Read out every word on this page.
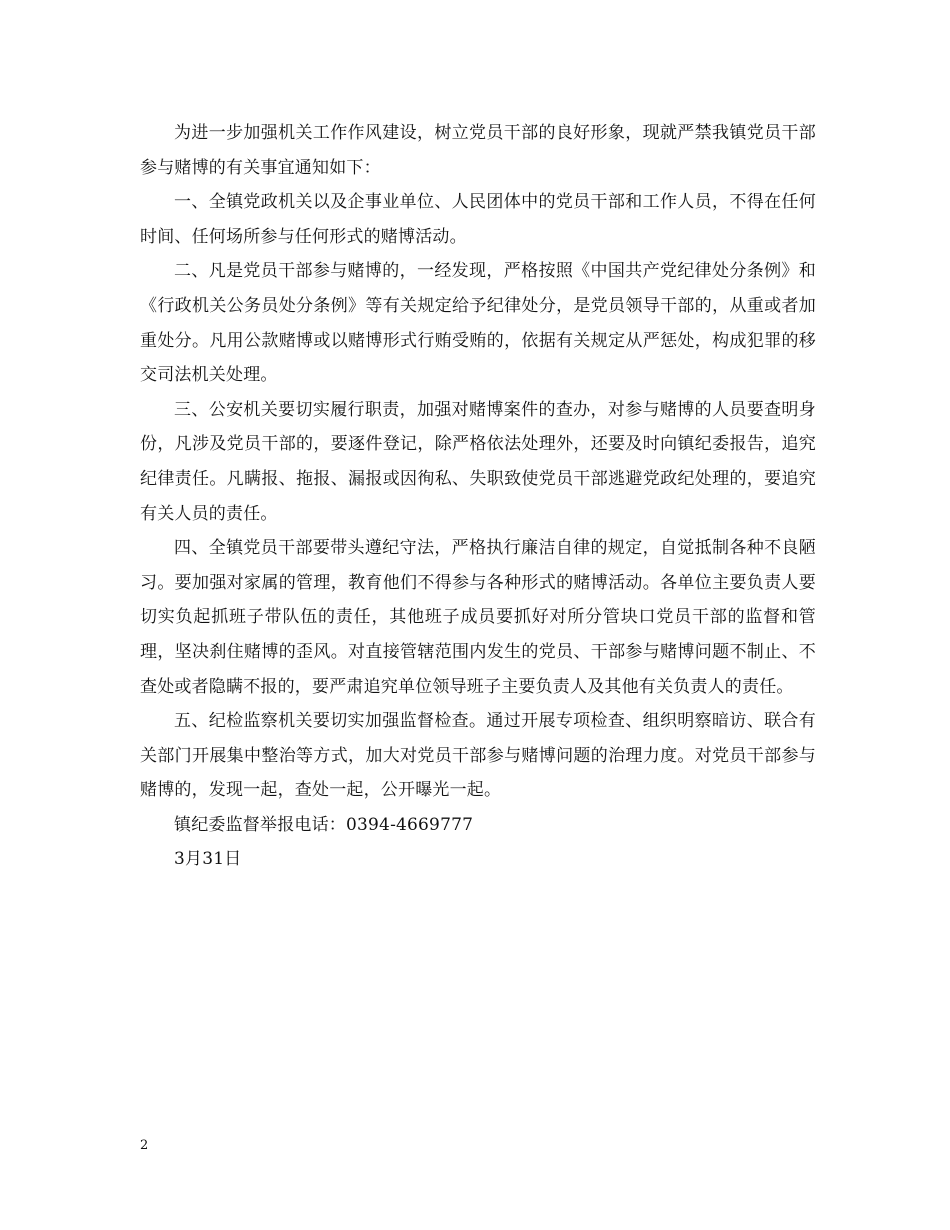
为进一步加强机关工作作风建设，树立党员干部的良好形象，现就严禁我镇党员干部参与赌博的有关事宜通知如下：

一、全镇党政机关以及企事业单位、人民团体中的党员干部和工作人员，不得在任何时间、任何场所参与任何形式的赌博活动。

二、凡是党员干部参与赌博的，一经发现，严格按照《中国共产党纪律处分条例》和《行政机关公务员处分条例》等有关规定给予纪律处分，是党员领导干部的，从重或者加重处分。凡用公款赌博或以赌博形式行贿受贿的，依据有关规定从严惩处，构成犯罪的移交司法机关处理。

三、公安机关要切实履行职责，加强对赌博案件的查办，对参与赌博的人员要查明身份，凡涉及党员干部的，要逐件登记，除严格依法处理外，还要及时向镇纪委报告，追究纪律责任。凡瞒报、拖报、漏报或因徇私、失职致使党员干部逃避党政纪处理的，要追究有关人员的责任。

四、全镇党员干部要带头遵纪守法，严格执行廉洁自律的规定，自觉抵制各种不良陋习。要加强对家属的管理，教育他们不得参与各种形式的赌博活动。各单位主要负责人要切实负起抓班子带队伍的责任，其他班子成员要抓好对所分管块口党员干部的监督和管理，坚决刹住赌博的歪风。对直接管辖范围内发生的党员、干部参与赌博问题不制止、不查处或者隐瞒不报的，要严肃追究单位领导班子主要负责人及其他有关负责人的责任。

五、纪检监察机关要切实加强监督检查。通过开展专项检查、组织明察暗访、联合有关部门开展集中整治等方式，加大对党员干部参与赌博问题的治理力度。对党员干部参与赌博的，发现一起，查处一起，公开曝光一起。

镇纪委监督举报电话：0394-4669777

3月31日

2
